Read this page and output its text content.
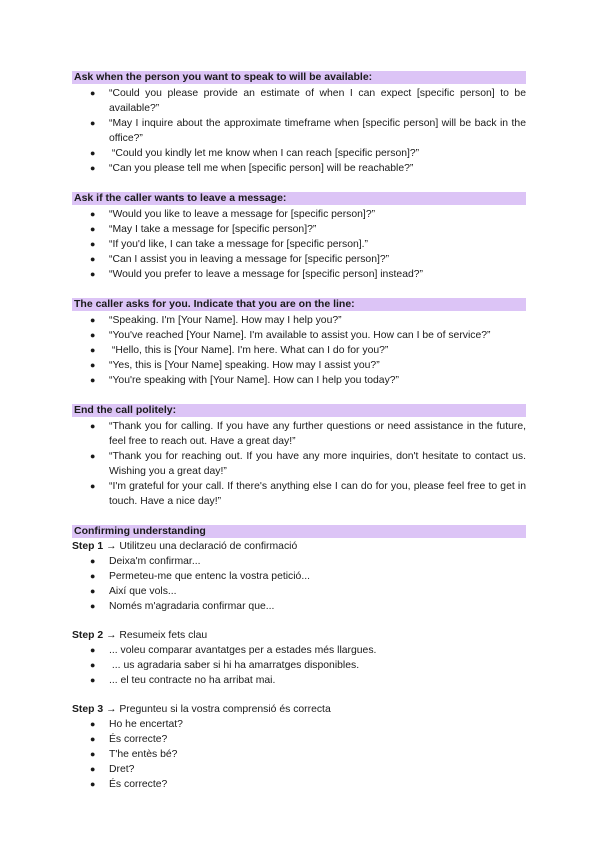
Ask when the person you want to speak to will be available:
● “Could you please provide an estimate of when I can expect [specific person] to be available?”
● “May I inquire about the approximate timeframe when [specific person] will be back in the office?”
● “Could you kindly let me know when I can reach [specific person]?”
● “Can you please tell me when [specific person] will be reachable?”
Ask if the caller wants to leave a message:
● “Would you like to leave a message for [specific person]?”
● “May I take a message for [specific person]?”
● “If you'd like, I can take a message for [specific person].”
● “Can I assist you in leaving a message for [specific person]?”
● “Would you prefer to leave a message for [specific person] instead?”
The caller asks for you. Indicate that you are on the line:
● “Speaking. I'm [Your Name]. How may I help you?”
● “You've reached [Your Name]. I'm available to assist you. How can I be of service?”
● “Hello, this is [Your Name]. I'm here. What can I do for you?”
● “Yes, this is [Your Name] speaking. How may I assist you?”
● “You're speaking with [Your Name]. How can I help you today?”
End the call politely:
● “Thank you for calling. If you have any further questions or need assistance in the future, feel free to reach out. Have a great day!”
● “Thank you for reaching out. If you have any more inquiries, don't hesitate to contact us. Wishing you a great day!”
● “I'm grateful for your call. If there's anything else I can do for you, please feel free to get in touch. Have a nice day!”
Confirming understanding

Step 1 → Utilitzeu una declaració de confirmació

● Deixa'm confirmar...
● Permeteu-me que entenc la vostra petició...
● Així que vols...
● Només m'agradaria confirmar que...

Step 2 → Resumeix fets clau

● ... voleu comparar avantatges per a estades més llargues.
● ... us agradaria saber si hi ha amarratges disponibles.
● ... el teu contracte no ha arribat mai.

Step 3 → Pregunteu si la vostra comprensió és correcta

● Ho he encertat?
● És correcte?
● T'he entès bé?
● Dret?
● És correcte?
